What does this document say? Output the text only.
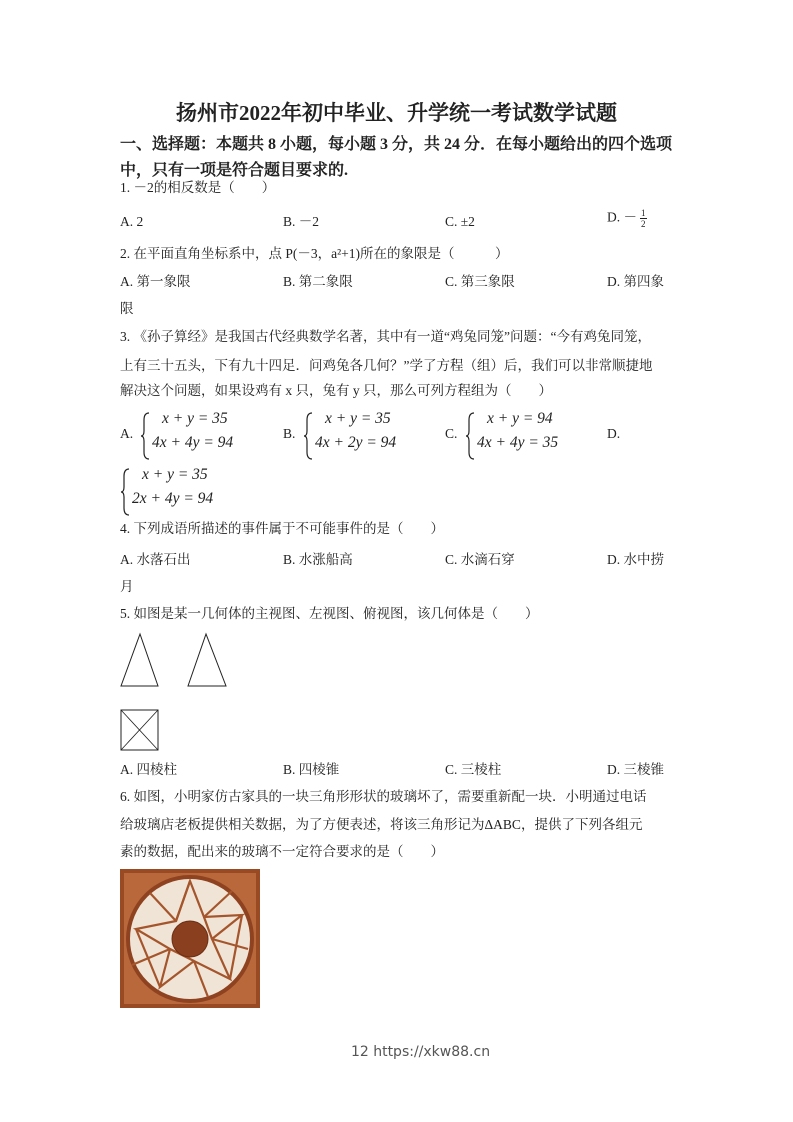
扬州市2022年初中毕业、升学统一考试数学试题
一、选择题：本题共 8 小题，每小题 3 分，共 24 分．在每小题给出的四个选项
中，只有一项是符合题目要求的.
1. －2的相反数是（　　）
A. 2	B. －2	C. ±2	D. － $\frac{1}{2}$
2. 在平面直角坐标系中，点 P(－3，a²+1)所在的象限是（　　　）
A. 第一象限	B. 第二象限	C. 第三象限	D. 第四象
限
3. 《孙子算经》是我国古代经典数学名著，其中有一道“鸡兔同笼”问题：“今有鸡兔同笼，
上有三十五头，下有九十四足．问鸡兔各几何？”学了方程（组）后，我们可以非常顺捷地
解决这个问题，如果设鸡有 x 只，兔有 y 只，那么可列方程组为（　　）
A.
x + y = 35
4x + 4y = 94
B.
x + y = 35
4x + 2y = 94
C.
x + y = 94
4x + 4y = 35
D.
x + y = 35
2x + 4y = 94
4. 下列成语所描述的事件属于不可能事件的是（　　）
A. 水落石出	B. 水涨船高	C. 水滴石穿	D. 水中捞
月
5. 如图是某一几何体的主视图、左视图、俯视图，该几何体是（　　）
A. 四棱柱	B. 四棱锥	C. 三棱柱	D. 三棱锥
6. 如图，小明家仿古家具的一块三角形形状的玻璃坏了，需要重新配一块．小明通过电话
给玻璃店老板提供相关数据，为了方便表述，将该三角形记为ΔABC，提供了下列各组元
素的数据，配出来的玻璃不一定符合要求的是（　　）
12 https://xkw88.cn
